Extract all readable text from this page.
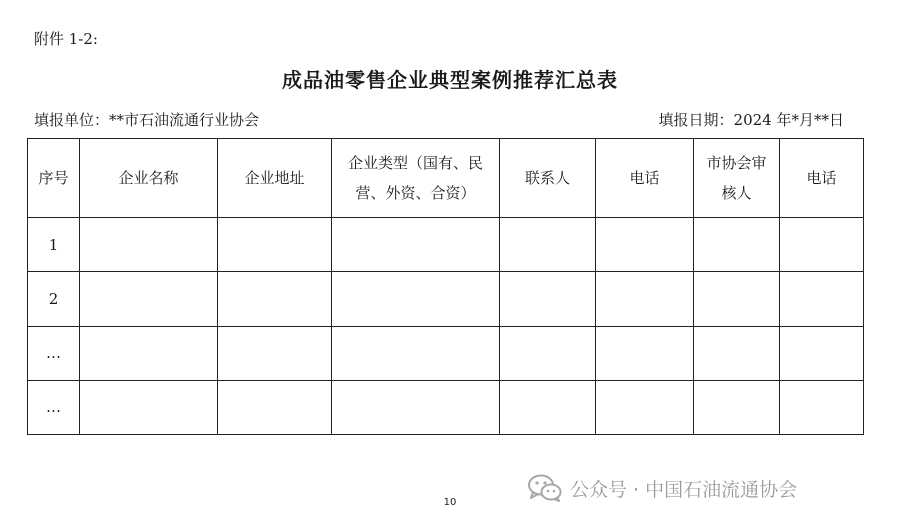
附件 1-2:
成品油零售企业典型案例推荐汇总表
填报单位：**市石油流通行业协会	填报日期：2024 年*月**日
序号	企业名称	企业地址	企业类型（国有、民营、外资、合资）	联系人	电话	市协会审核人	电话
1							
2							
…							
…							
10
公众号 · 中国石油流通协会
